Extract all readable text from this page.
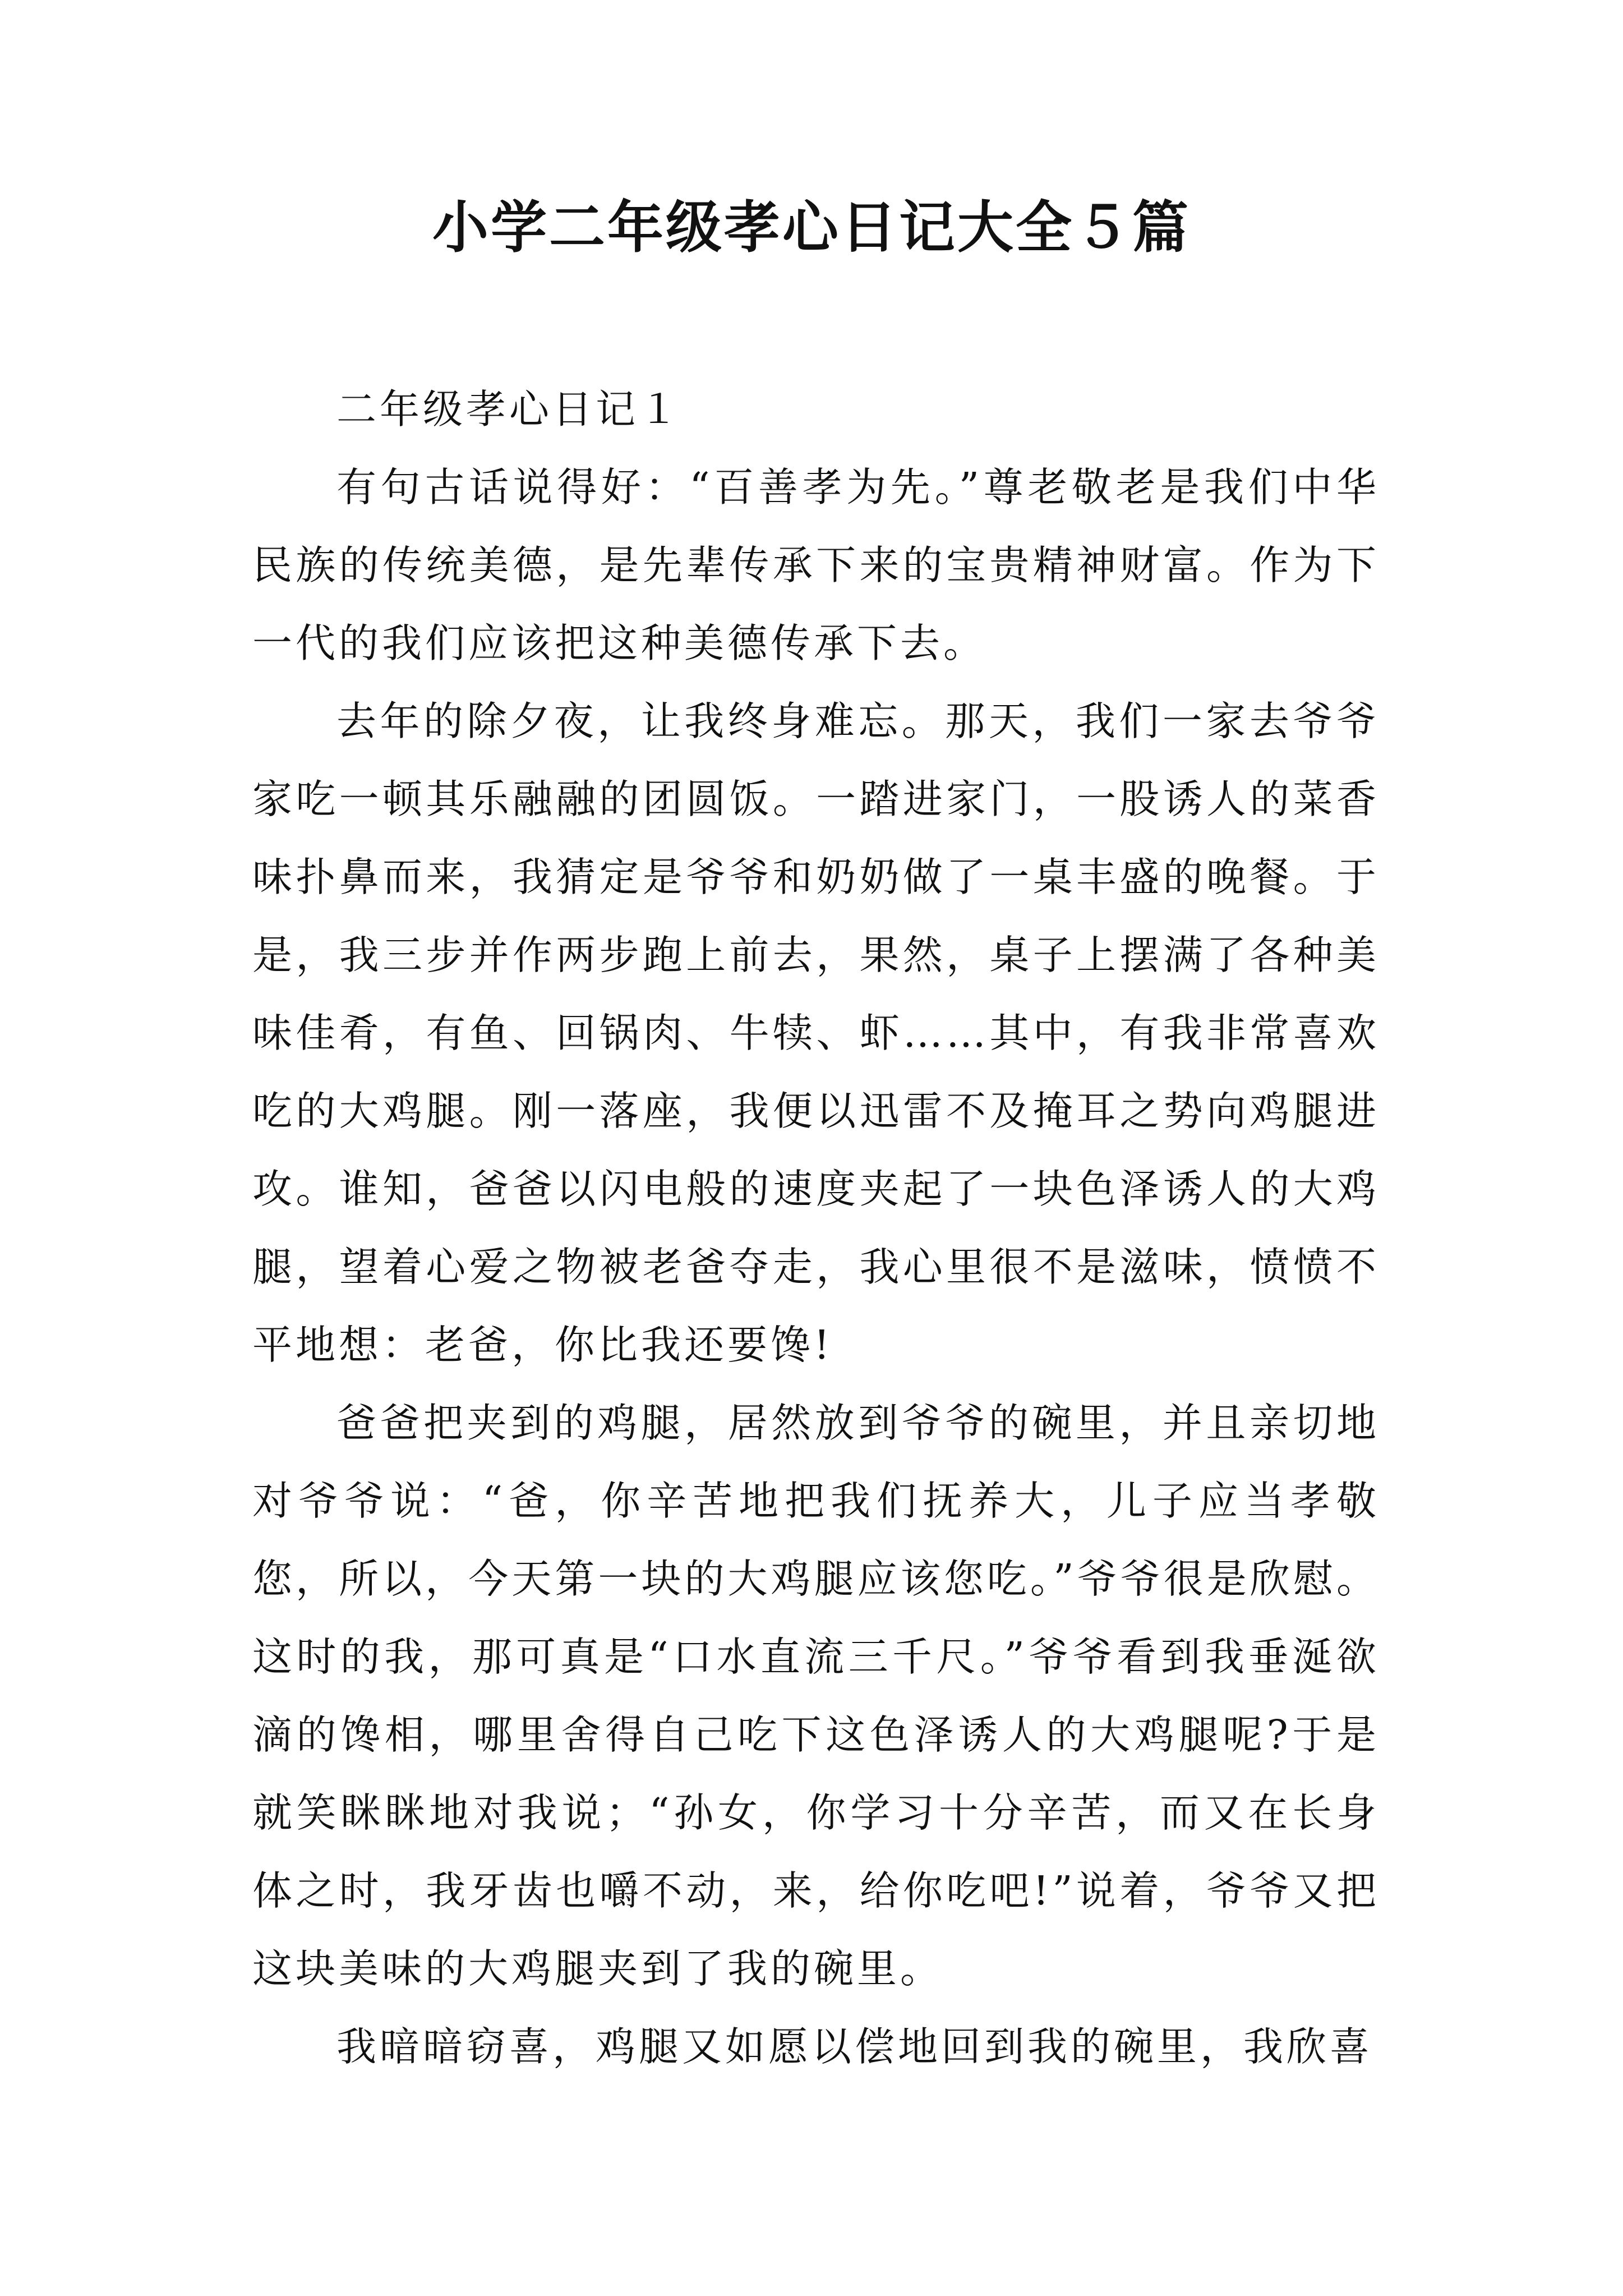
小学二年级孝心日记大全５篇

二年级孝心日记１

有句古话说得好：“百善孝为先。”尊老敬老是我们中华民族的传统美德，是先辈传承下来的宝贵精神财富。作为下一代的我们应该把这种美德传承下去。

去年的除夕夜，让我终身难忘。那天，我们一家去爷爷家吃一顿其乐融融的团圆饭。一踏进家门，一股诱人的菜香味扑鼻而来，我猜定是爷爷和奶奶做了一桌丰盛的晚餐。于是，我三步并作两步跑上前去，果然，桌子上摆满了各种美味佳肴，有鱼、回锅肉、牛犊、虾……其中，有我非常喜欢吃的大鸡腿。刚一落座，我便以迅雷不及掩耳之势向鸡腿进攻。谁知，爸爸以闪电般的速度夹起了一块色泽诱人的大鸡腿，望着心爱之物被老爸夺走，我心里很不是滋味，愤愤不平地想：老爸，你比我还要馋!

爸爸把夹到的鸡腿，居然放到爷爷的碗里，并且亲切地对爷爷说：“爸，你辛苦地把我们抚养大，儿子应当孝敬您，所以，今天第一块的大鸡腿应该您吃。”爷爷很是欣慰。这时的我，那可真是“口水直流三千尺。”爷爷看到我垂涎欲滴的馋相，哪里舍得自己吃下这色泽诱人的大鸡腿呢?于是就笑眯眯地对我说；“孙女，你学习十分辛苦，而又在长身体之时，我牙齿也嚼不动，来，给你吃吧!”说着，爷爷又把这块美味的大鸡腿夹到了我的碗里。

我暗暗窃喜，鸡腿又如愿以偿地回到我的碗里，我欣喜
